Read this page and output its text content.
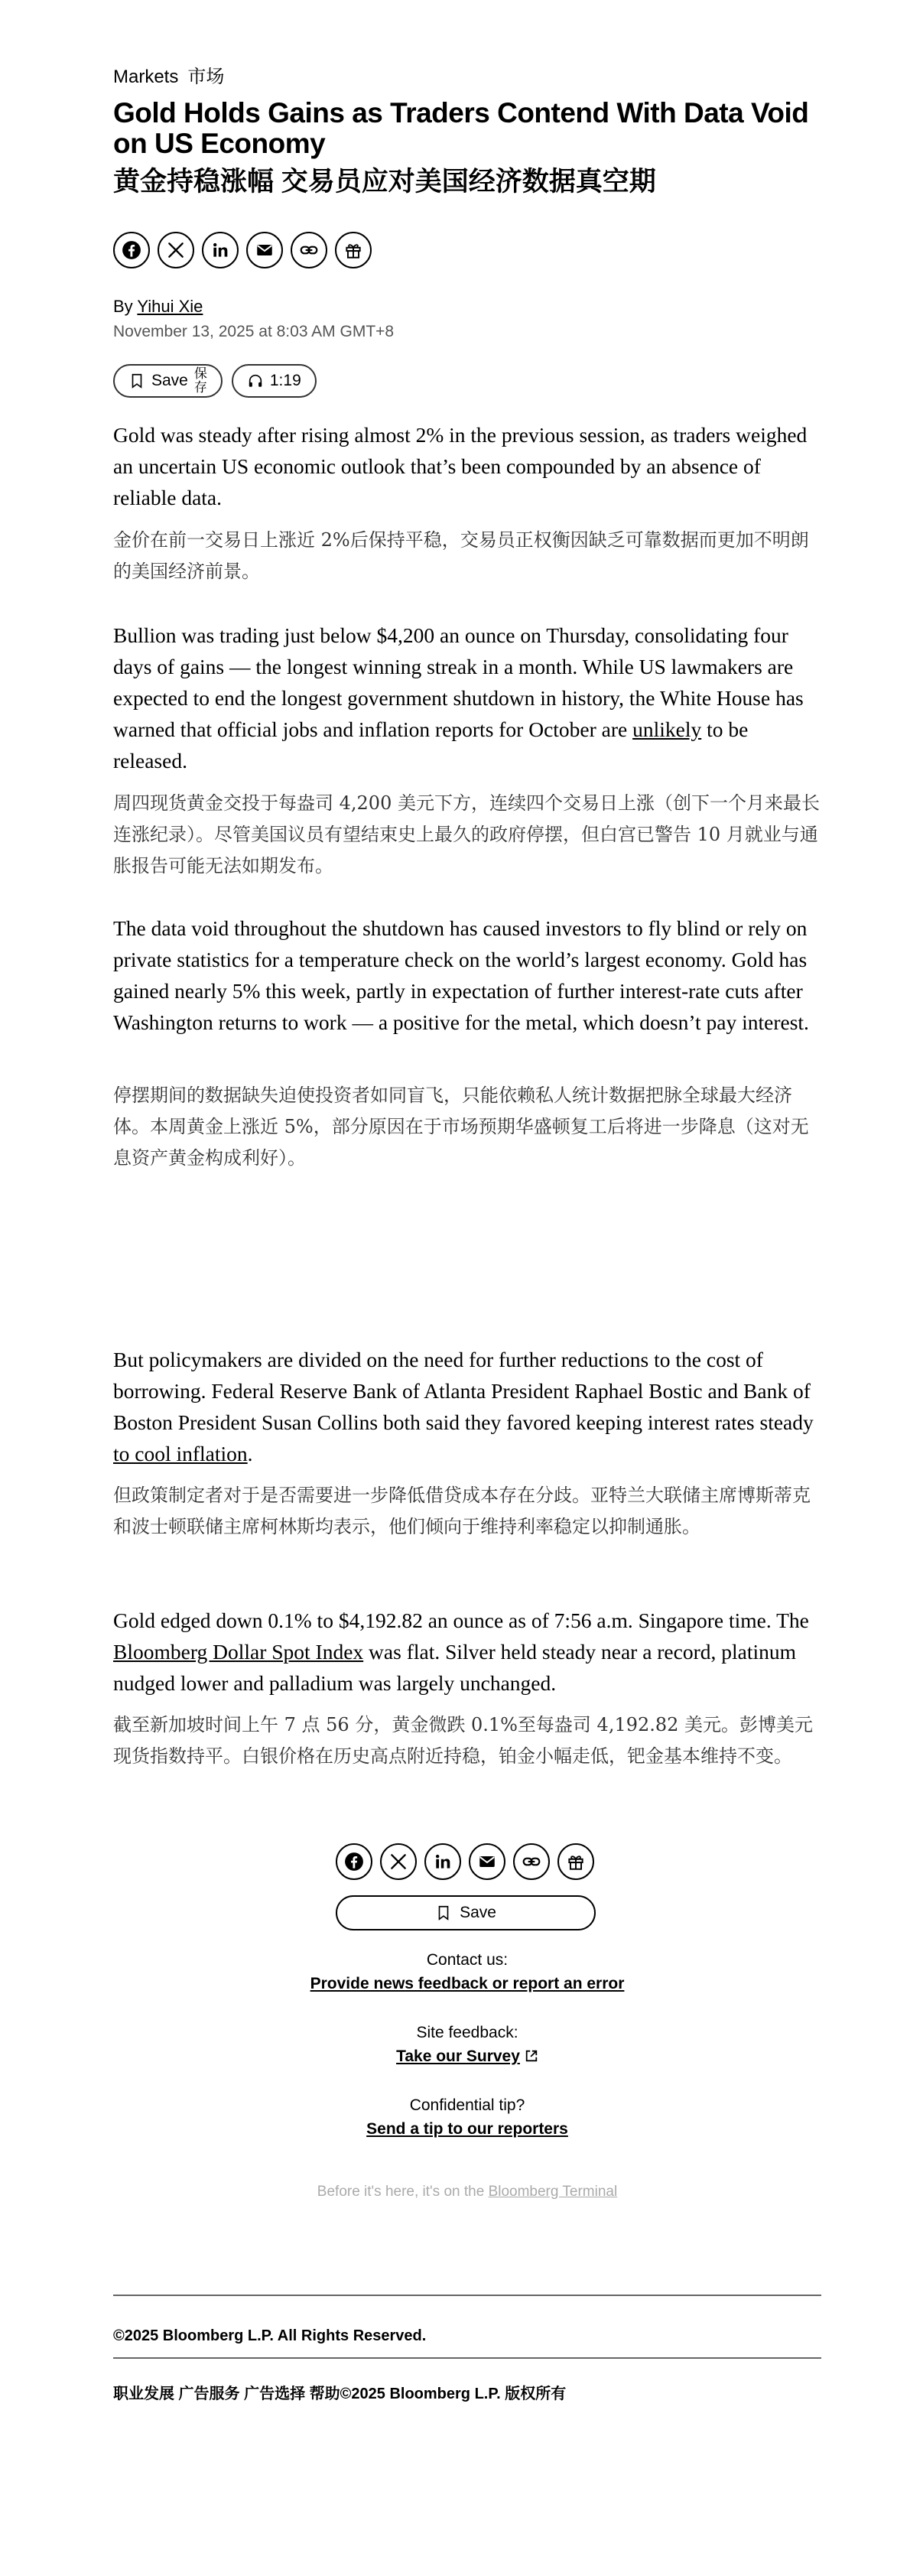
Markets 市场
Gold Holds Gains as Traders Contend With Data Void on US Economy
黄金持稳涨幅 交易员应对美国经济数据真空期
By Yihui Xie
November 13, 2025 at 8:03 AM GMT+8
Save 保
存	1:19

Gold was steady after rising almost 2% in the previous session, as traders weighed an uncertain US economic outlook that’s been compounded by an absence of reliable data.

金价在前一交易日上涨近 2%后保持平稳，交易员正权衡因缺乏可靠数据而更加不明朗的美国经济前景。

Bullion was trading just below $4,200 an ounce on Thursday, consolidating four days of gains — the longest winning streak in a month. While US lawmakers are expected to end the longest government shutdown in history, the White House has warned that official jobs and inflation reports for October are unlikely to be released.

周四现货黄金交投于每盎司 4,200 美元下方，连续四个交易日上涨（创下一个月来最长连涨纪录）。尽管美国议员有望结束史上最久的政府停摆，但白宫已警告 10 月就业与通胀报告可能无法如期发布。

The data void throughout the shutdown has caused investors to fly blind or rely on private statistics for a temperature check on the world’s largest economy. Gold has gained nearly 5% this week, partly in expectation of further interest-rate cuts after Washington returns to work — a positive for the metal, which doesn’t pay interest.

停摆期间的数据缺失迫使投资者如同盲飞，只能依赖私人统计数据把脉全球最大经济体。本周黄金上涨近 5%，部分原因在于市场预期华盛顿复工后将进一步降息（这对无息资产黄金构成利好）。

But policymakers are divided on the need for further reductions to the cost of borrowing. Federal Reserve Bank of Atlanta President Raphael Bostic and Bank of Boston President Susan Collins both said they favored keeping interest rates steady to cool inflation.

但政策制定者对于是否需要进一步降低借贷成本存在分歧。亚特兰大联储主席博斯蒂克和波士顿联储主席柯林斯均表示，他们倾向于维持利率稳定以抑制通胀。

Gold edged down 0.1% to $4,192.82 an ounce as of 7:56 a.m. Singapore time. The Bloomberg Dollar Spot Index was flat. Silver held steady near a record, platinum nudged lower and palladium was largely unchanged.

截至新加坡时间上午 7 点 56 分，黄金微跌 0.1%至每盎司 4,192.82 美元。彭博美元现货指数持平。白银价格在历史高点附近持稳，铂金小幅走低，钯金基本维持不变。

Save
Contact us:
Provide news feedback or report an error
Site feedback:
Take our Survey
Confidential tip?
Send a tip to our reporters
Before it's here, it's on the Bloomberg Terminal
©2025 Bloomberg L.P. All Rights Reserved.
职业发展 广告服务 广告选择 帮助©2025 Bloomberg L.P. 版权所有
